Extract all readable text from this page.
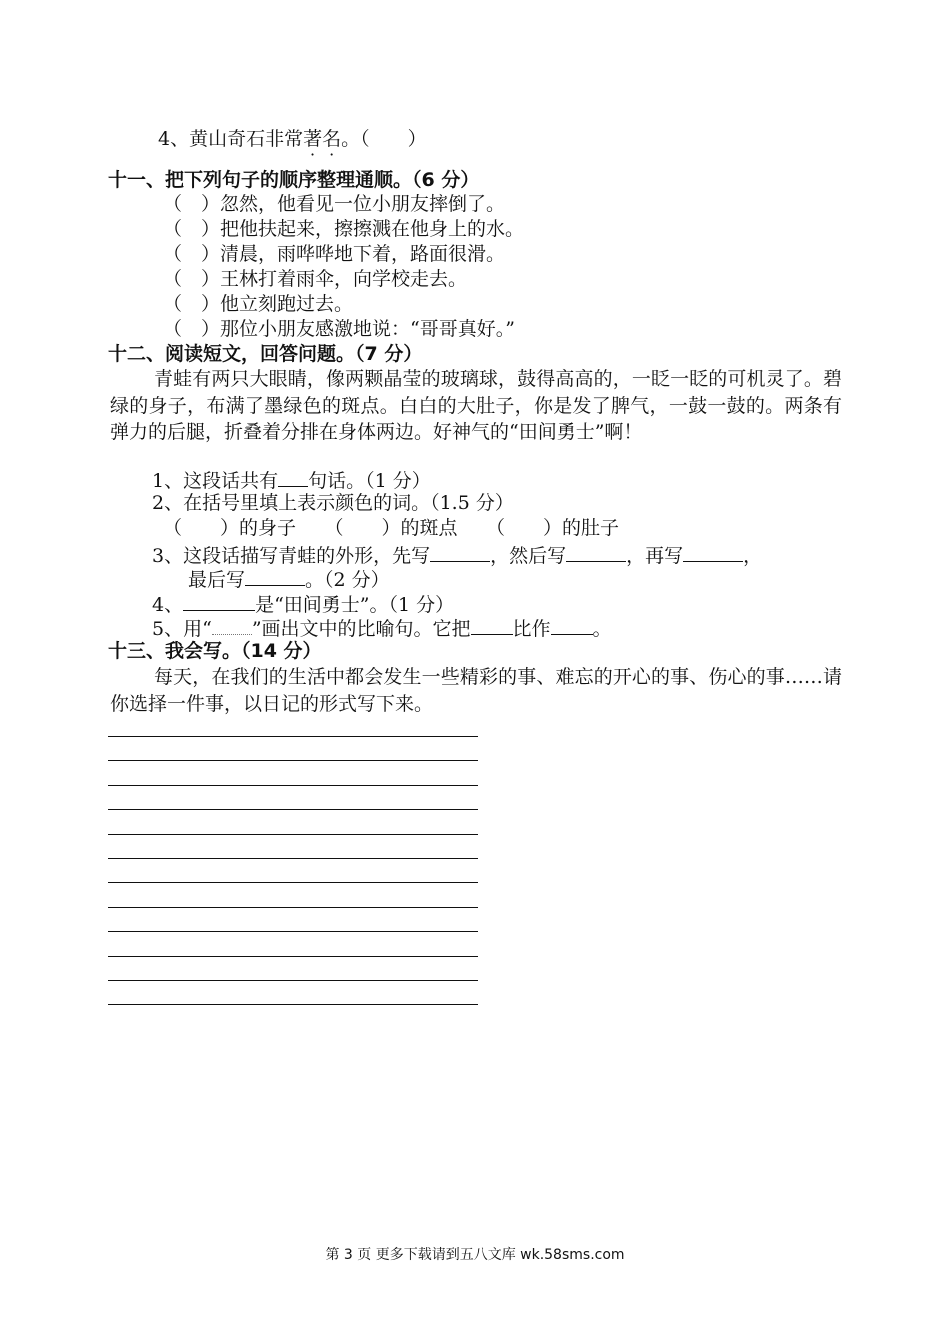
4、黄山奇石非常著名。（　　）
十一、把下列句子的顺序整理通顺。（6 分）
（　）忽然，他看见一位小朋友摔倒了。
（　）把他扶起来，擦擦溅在他身上的水。
（　）清晨，雨哗哗地下着，路面很滑。
（　）王林打着雨伞，向学校走去。
（　）他立刻跑过去。
（　）那位小朋友感激地说：“哥哥真好。”
十二、阅读短文，回答问题。（7 分）
青蛙有两只大眼睛，像两颗晶莹的玻璃球，鼓得高高的，一眨一眨的可机灵了。碧绿的身子，布满了墨绿色的斑点。白白的大肚子，你是发了脾气，一鼓一鼓的。两条有弹力的后腿，折叠着分排在身体两边。好神气的“田间勇士”啊！
1、这段话共有 句话。（1 分）
2、在括号里填上表示颜色的词。（1.5 分）
（　　）的身子　　（　　）的斑点　　（　　）的肚子
3、这段话描写青蛙的外形，先写	，然后写	，再写	，
最后写	。（2 分）
4、	是“田间勇士”。（1 分）
5、用“ ”画出文中的比喻句。它把 比作 。
十三、我会写。（14 分）
每天，在我们的生活中都会发生一些精彩的事、难忘的开心的事、伤心的事……请你选择一件事，以日记的形式写下来。
第 3 页 更多下载请到五八文库 wk.58sms.com
